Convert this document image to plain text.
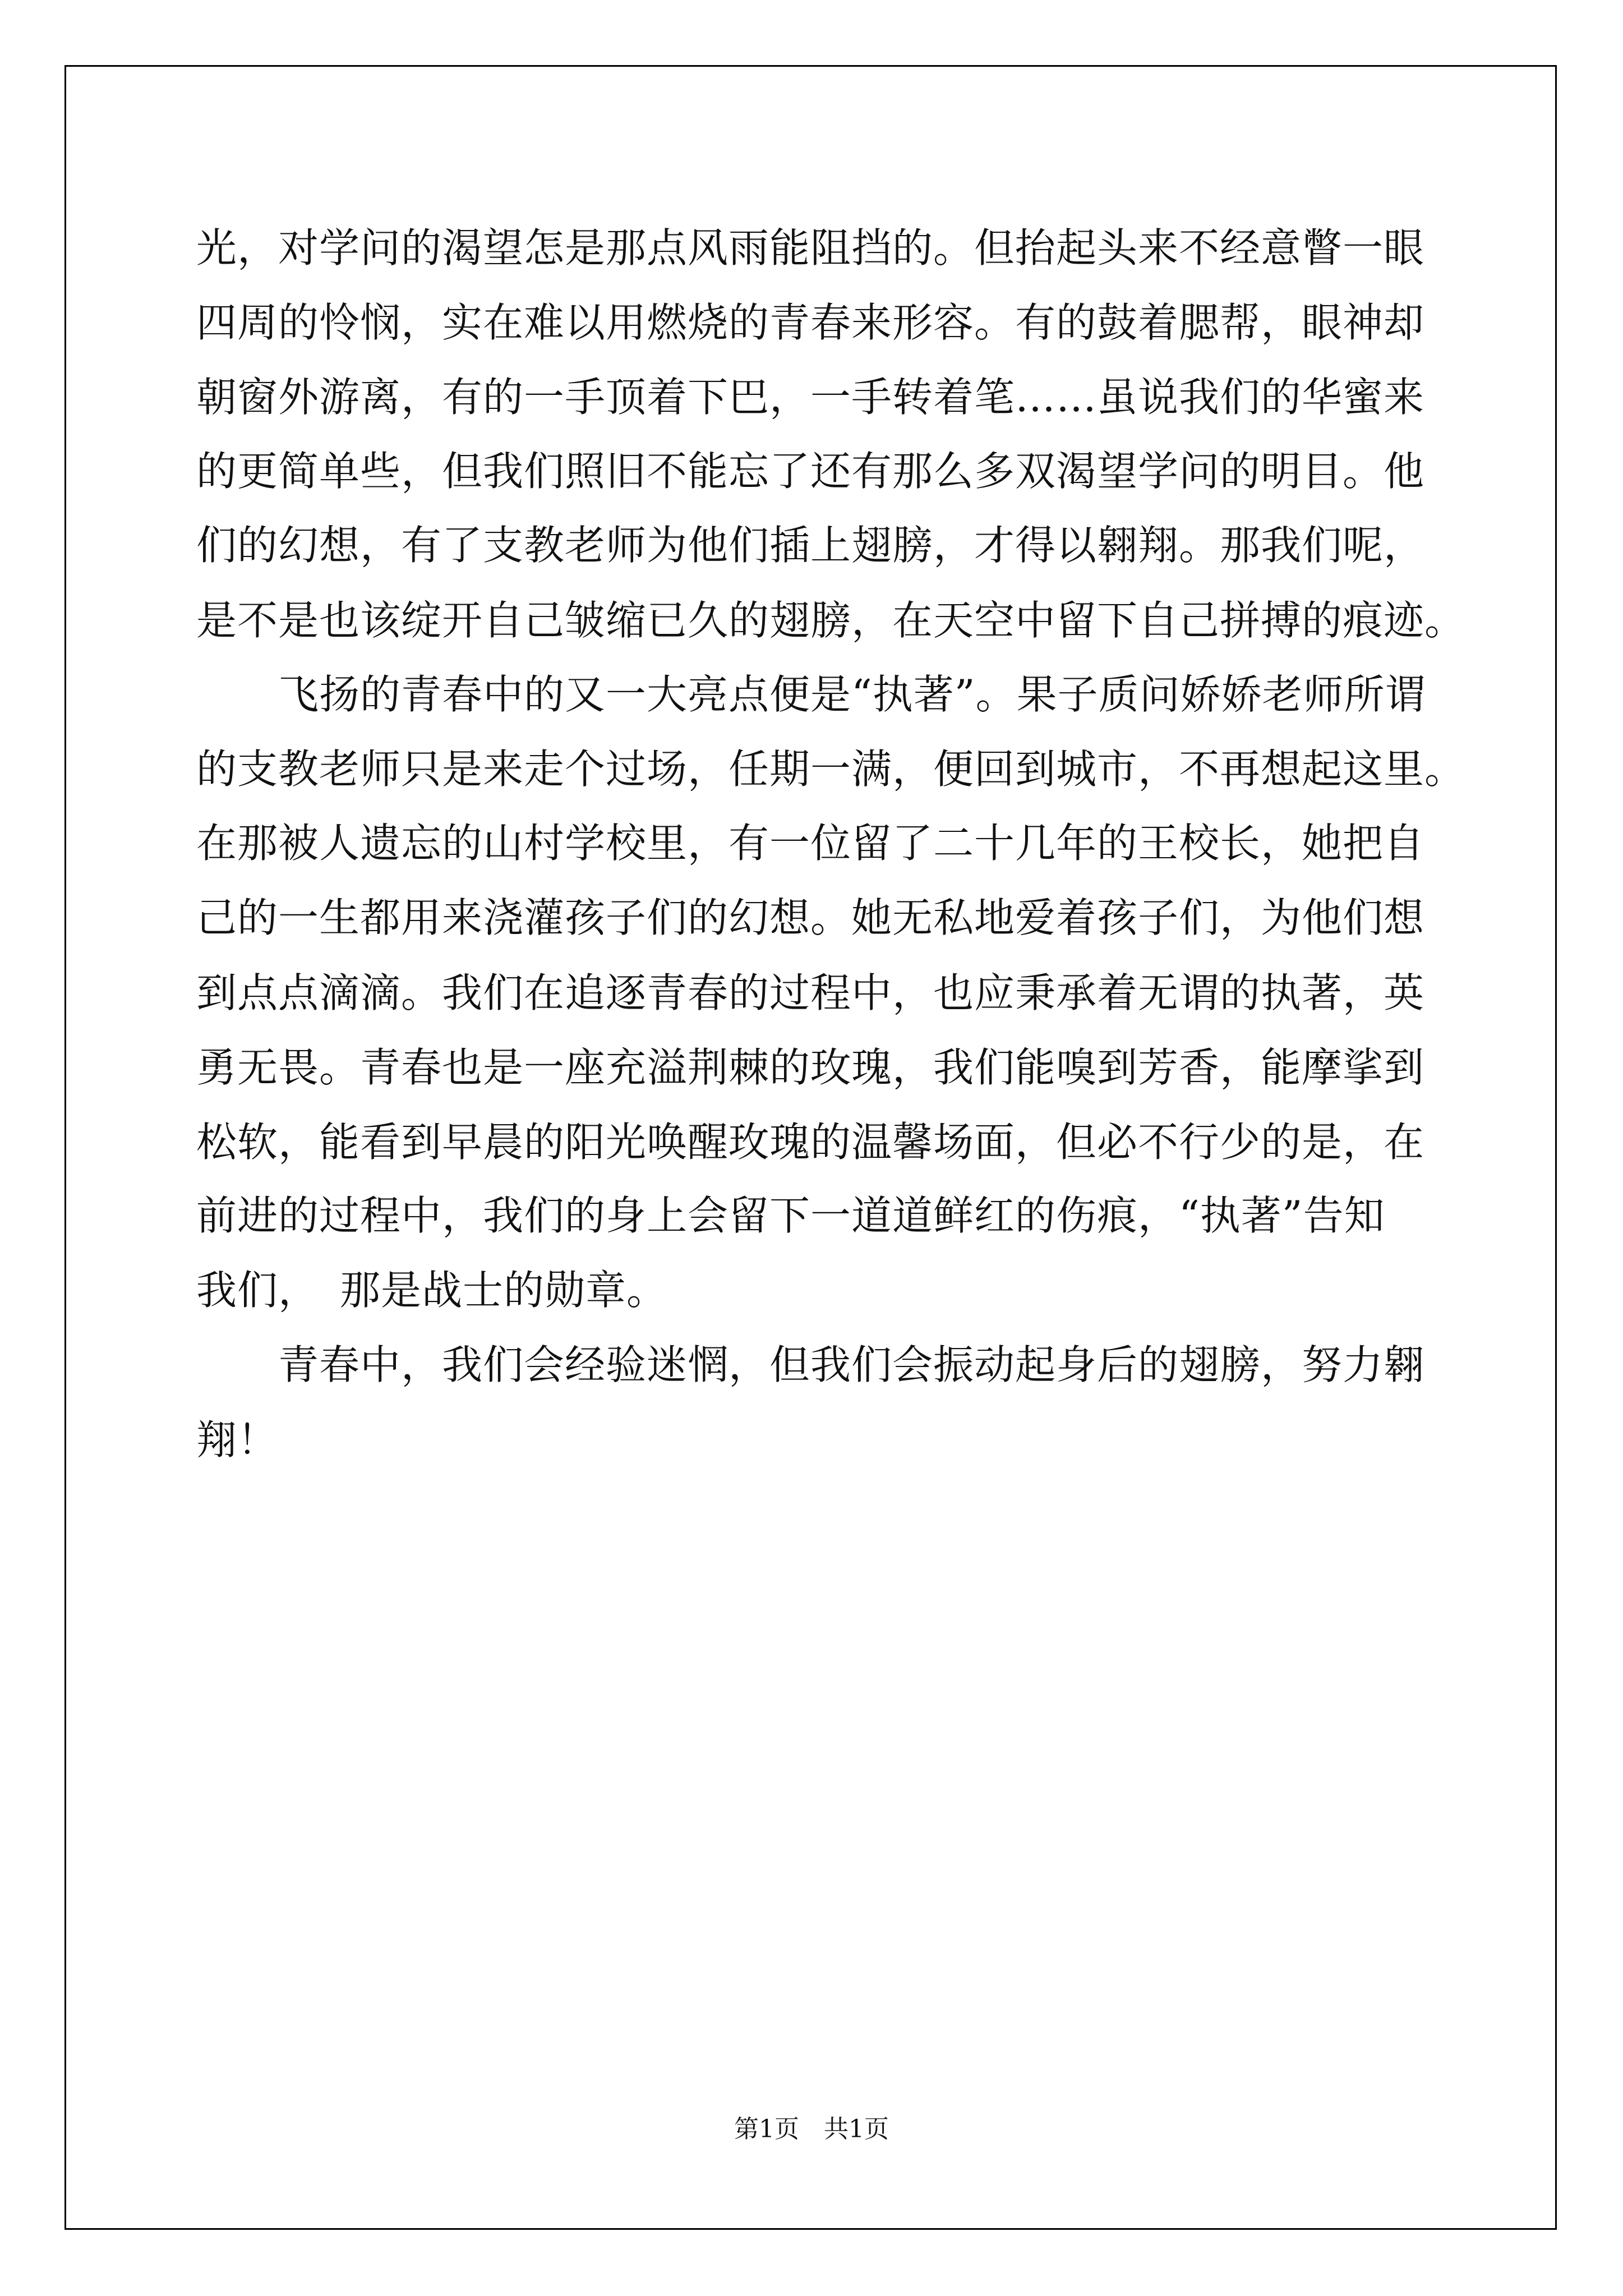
光，对学问的渴望怎是那点风雨能阻挡的。但抬起头来不经意瞥一眼
四周的怜悯，实在难以用燃烧的青春来形容。有的鼓着腮帮，眼神却
朝窗外游离，有的一手顶着下巴，一手转着笔……虽说我们的华蜜来
的更简单些，但我们照旧不能忘了还有那么多双渴望学问的明目。他
们的幻想，有了支教老师为他们插上翅膀，才得以翱翔。那我们呢，
是不是也该绽开自己皱缩已久的翅膀，在天空中留下自己拼搏的痕迹。
　　飞扬的青春中的又一大亮点便是“执著”。果子质问娇娇老师所谓
的支教老师只是来走个过场，任期一满，便回到城市，不再想起这里。
在那被人遗忘的山村学校里，有一位留了二十几年的王校长，她把自
己的一生都用来浇灌孩子们的幻想。她无私地爱着孩子们，为他们想
到点点滴滴。我们在追逐青春的过程中，也应秉承着无谓的执著，英
勇无畏。青春也是一座充溢荆棘的玫瑰，我们能嗅到芳香，能摩挲到
松软，能看到早晨的阳光唤醒玫瑰的温馨场面，但必不行少的是，在
前进的过程中，我们的身上会留下一道道鲜红的伤痕，“执著”告知
我们，　那是战士的勋章。
　　青春中，我们会经验迷惘，但我们会振动起身后的翅膀，努力翱
翔！
第1页　共1页
